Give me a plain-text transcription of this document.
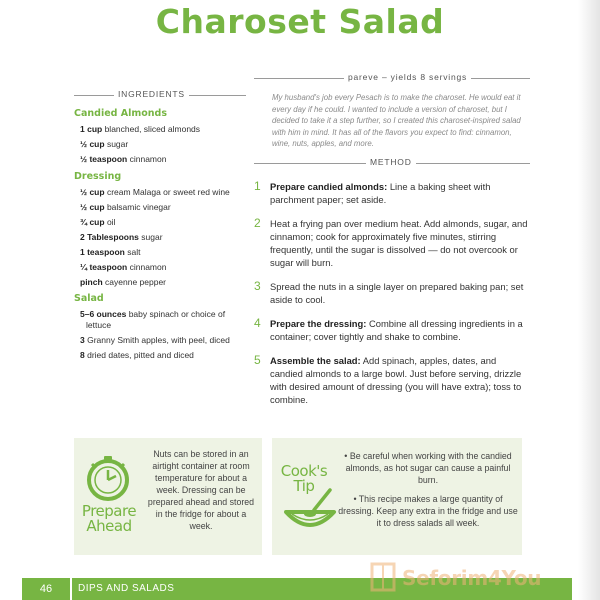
Charoset Salad
pareve – yields 8 servings
INGREDIENTS
Candied Almonds
1 cup blanched, sliced almonds
½ cup sugar
½ teaspoon cinnamon
Dressing
½ cup cream Malaga or sweet red wine
½ cup balsamic vinegar
¾ cup oil
2 Tablespoons sugar
1 teaspoon salt
¼ teaspoon cinnamon
pinch cayenne pepper
Salad
5–6 ounces baby spinach or choice of lettuce
3 Granny Smith apples, with peel, diced
8 dried dates, pitted and diced

My husband's job every Pesach is to make the charoset. He would eat it every day if he could. I wanted to include a version of charoset, but I decided to take it a step further, so I created this charoset-inspired salad with him in mind. It has all of the flavors you expect to find: cinnamon, wine, nuts, apples, and more.

METHOD
1 Prepare candied almonds: Line a baking sheet with parchment paper; set aside.
2 Heat a frying pan over medium heat. Add almonds, sugar, and cinnamon; cook for approximately five minutes, stirring frequently, until the sugar is dissolved — do not overcook or sugar will burn.
3 Spread the nuts in a single layer on prepared baking pan; set aside to cool.
4 Prepare the dressing: Combine all dressing ingredients in a container; cover tightly and shake to combine.
5 Assemble the salad: Add spinach, apples, dates, and candied almonds to a large bowl. Just before serving, drizzle with desired amount of dressing (you will have extra); toss to combine.
Prepare
Ahead
Nuts can be stored in an airtight container at room temperature for about a week. Dressing can be prepared ahead and stored in the fridge for about a week.
Cook's
Tip

• Be careful when working with the candied almonds, as hot sugar can cause a painful burn.

• This recipe makes a large quantity of dressing. Keep any extra in the fridge and use it to dress salads all week.

46	DIPS AND SALADS	Seforim4You
